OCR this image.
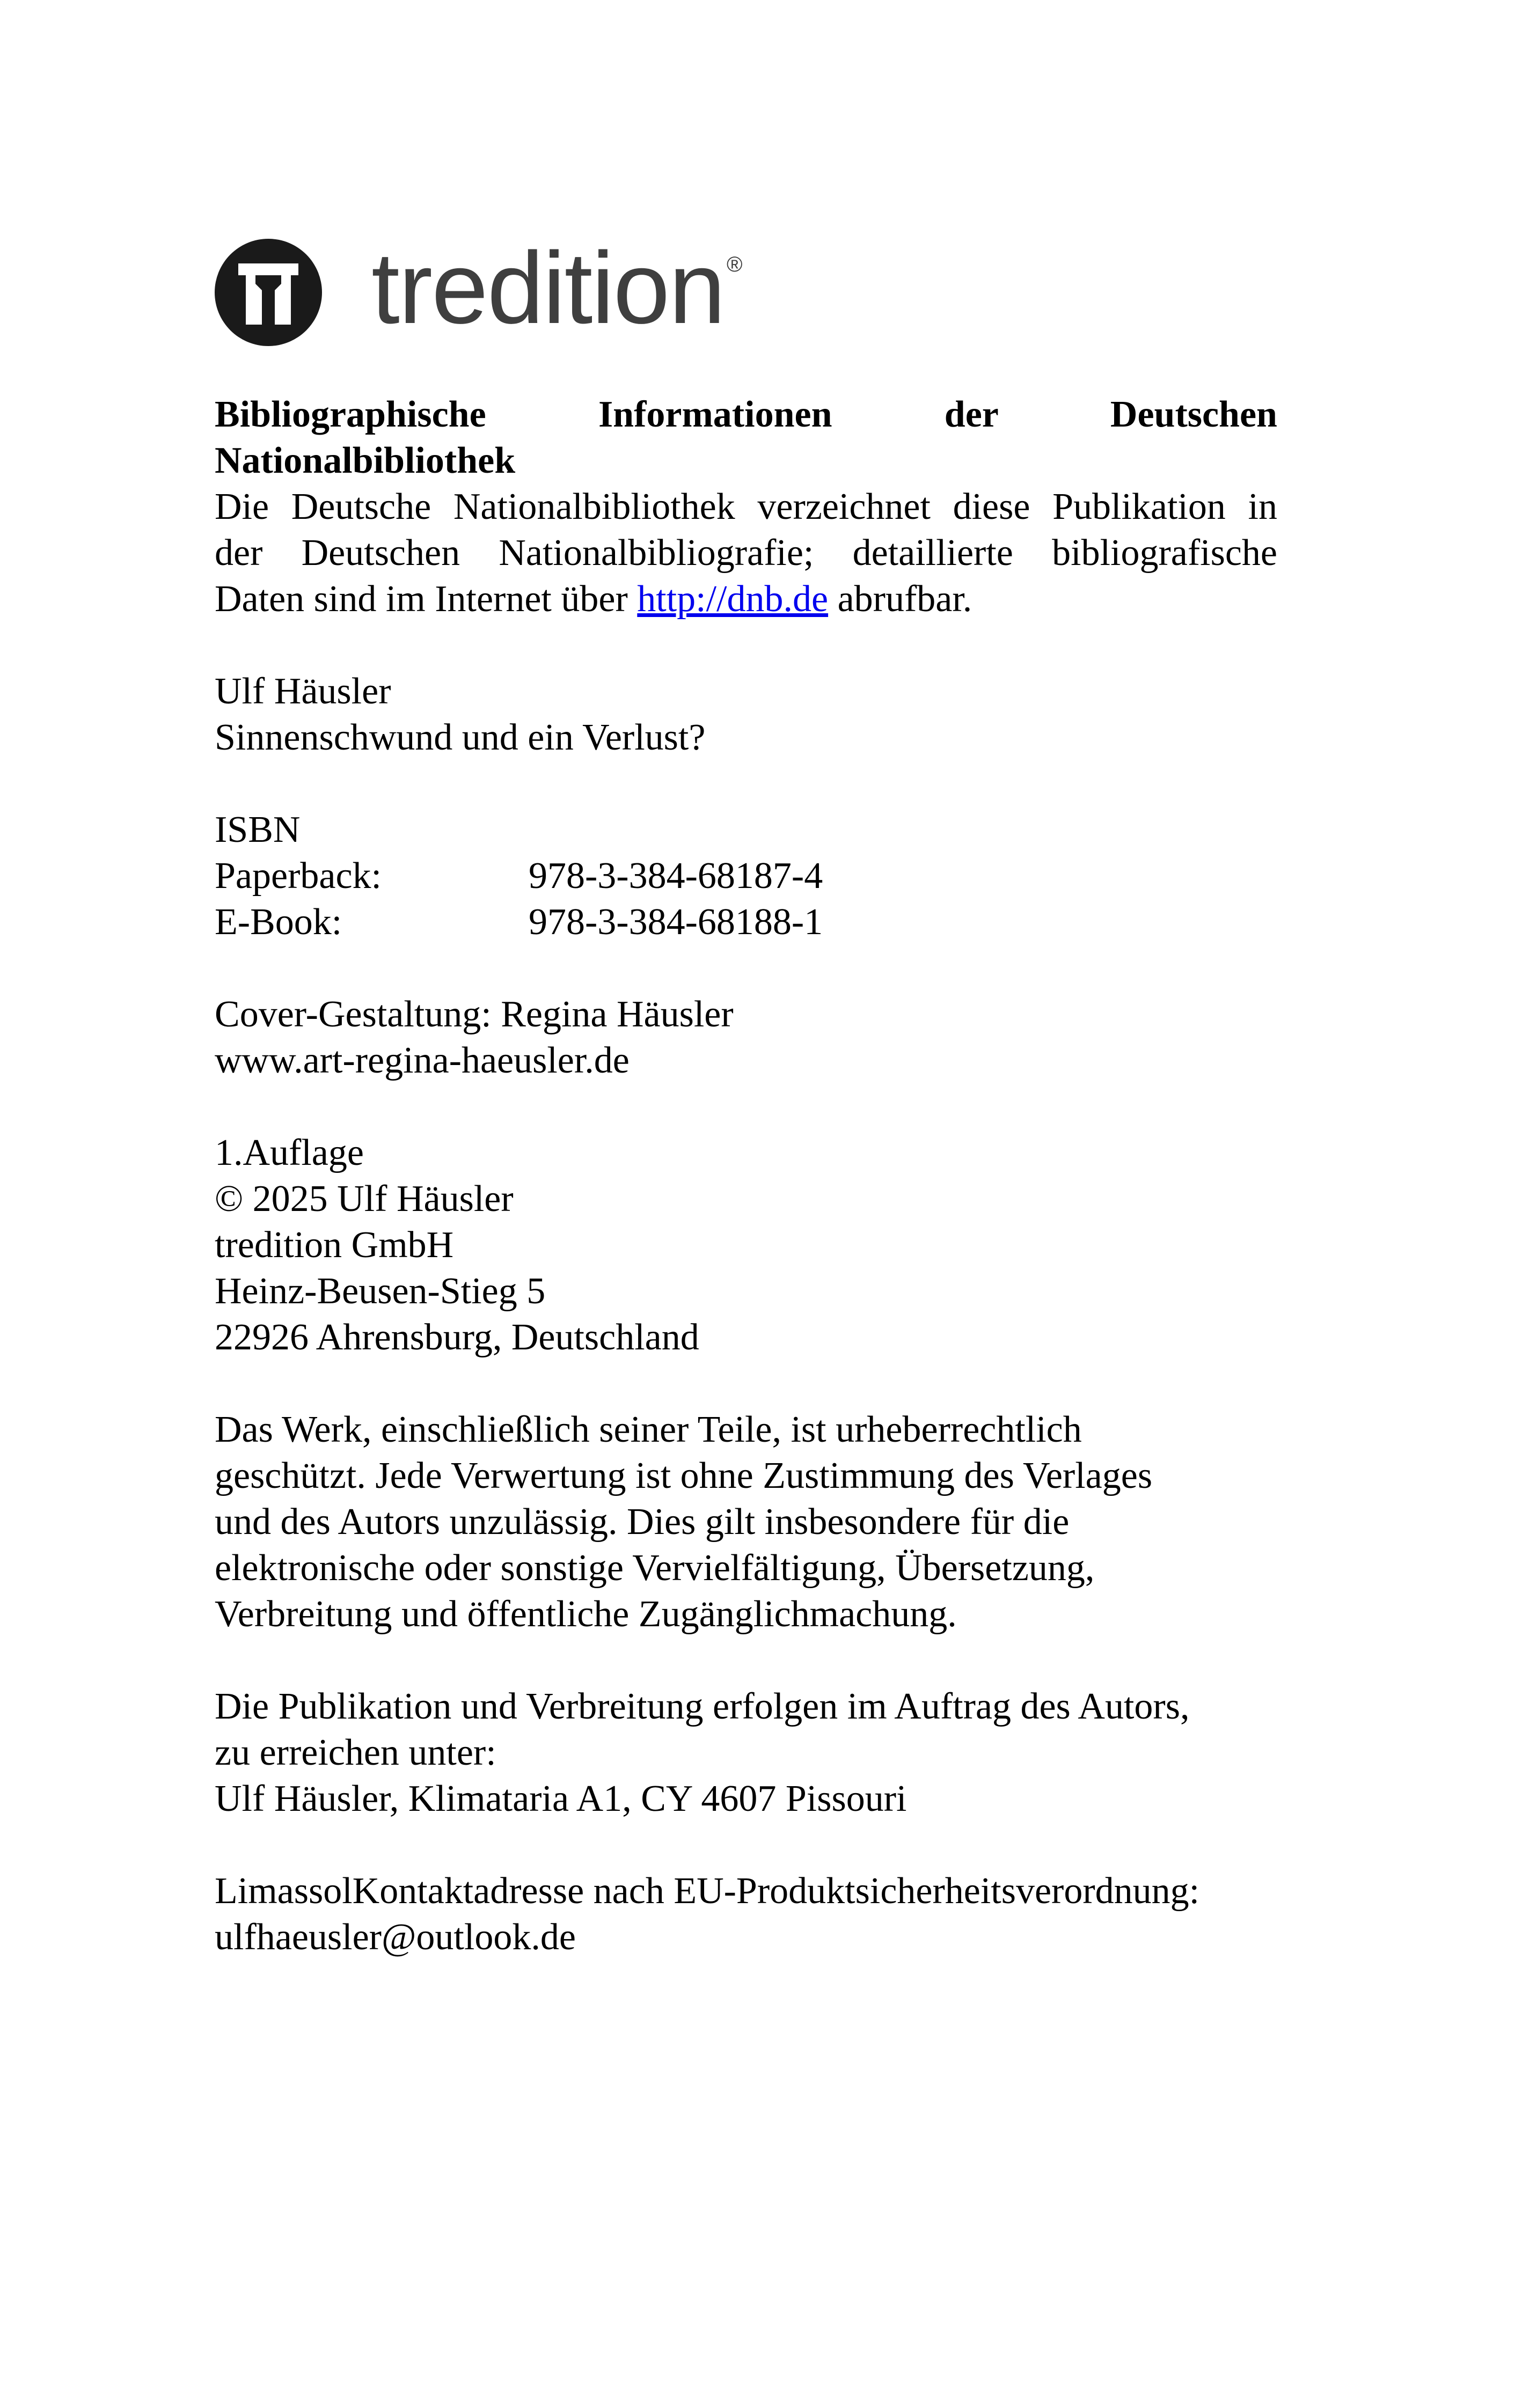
tredition ®
Bibliographische Informationen der Deutschen
Nationalbibliothek
Die Deutsche Nationalbibliothek verzeichnet diese Publikation in
der Deutschen Nationalbibliografie; detaillierte bibliografische
Daten sind im Internet über http://dnb.de abrufbar.
Ulf Häusler
Sinnenschwund und ein Verlust?
ISBN
Paperback:	978-3-384-68187-4
E-Book:	978-3-384-68188-1
Cover-Gestaltung: Regina Häusler
www.art-regina-haeusler.de
1.Auflage
© 2025 Ulf Häusler
tredition GmbH
Heinz-Beusen-Stieg 5
22926 Ahrensburg, Deutschland
Das Werk, einschließlich seiner Teile, ist urheberrechtlich
geschützt. Jede Verwertung ist ohne Zustimmung des Verlages
und des Autors unzulässig. Dies gilt insbesondere für die
elektronische oder sonstige Vervielfältigung, Übersetzung,
Verbreitung und öffentliche Zugänglichmachung.
Die Publikation und Verbreitung erfolgen im Auftrag des Autors,
zu erreichen unter:
Ulf Häusler, Klimataria A1, CY 4607 Pissouri
LimassolKontaktadresse nach EU-Produktsicherheitsverordnung:
ulfhaeusler@outlook.de
